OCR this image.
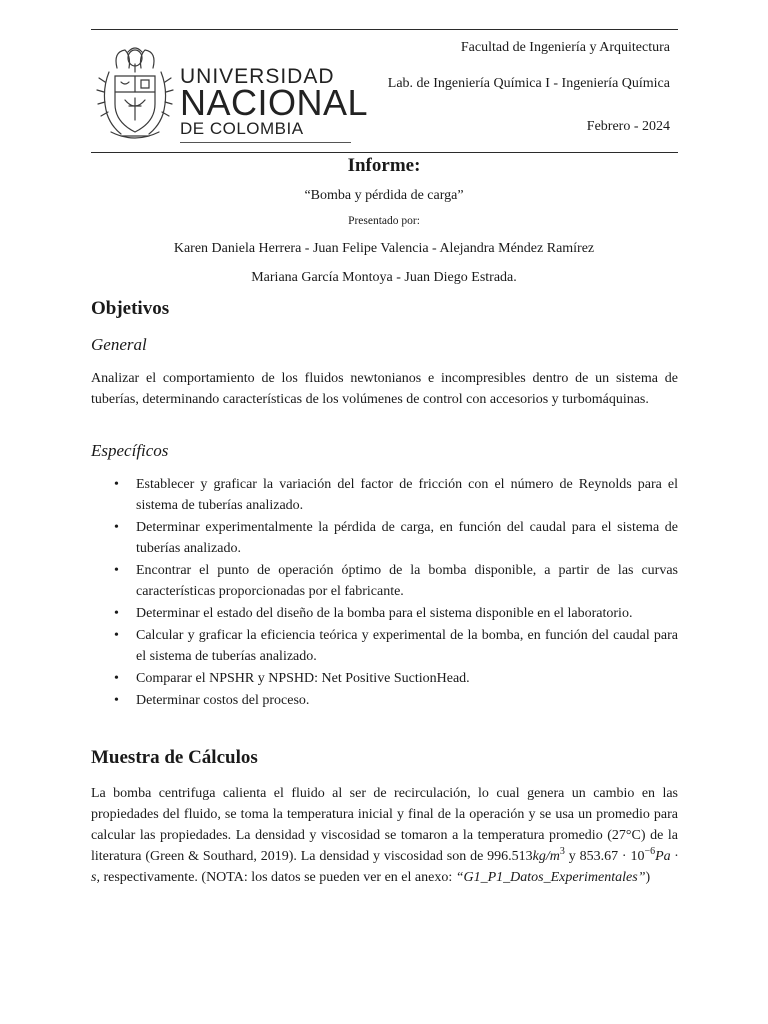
UNIVERSIDAD
NACIONAL
DE COLOMBIA
Facultad de Ingeniería y Arquitectura
Lab. de Ingeniería Química I - Ingeniería Química
Febrero - 2024
Informe:
“Bomba y pérdida de carga”
Presentado por:
Karen Daniela Herrera - Juan Felipe Valencia - Alejandra Méndez Ramírez
Mariana García Montoya - Juan Diego Estrada.
Objetivos
General
Analizar el comportamiento de los fluidos newtonianos e incompresibles dentro de un sistema de tuberías, determinando características de los volúmenes de control con accesorios y turbomáquinas.
Específicos
•	Establecer y graficar la variación del factor de fricción con el número de Reynolds para el sistema de tuberías analizado.
•	Determinar experimentalmente la pérdida de carga, en función del caudal para el sistema de tuberías analizado.
•	Encontrar el punto de operación óptimo de la bomba disponible, a partir de las curvas características proporcionadas por el fabricante.
•	Determinar el estado del diseño de la bomba para el sistema disponible en el laboratorio.
•	Calcular y graficar la eficiencia teórica y experimental de la bomba, en función del caudal para el sistema de tuberías analizado.
•	Comparar el NPSHR y NPSHD: Net Positive SuctionHead.
•	Determinar costos del proceso.
Muestra de Cálculos
La bomba centrifuga calienta el fluido al ser de recirculación, lo cual genera un cambio en las propiedades del fluido, se toma la temperatura inicial y final de la operación y se usa un promedio para calcular las propiedades. La densidad y viscosidad se tomaron a la temperatura promedio (27°C) de la literatura (Green & Southard, 2019). La densidad y viscosidad son de $996.513kg/m^3$ y $853.67 \cdot 10^{-6}Pa \cdot s$, respectivamente. (NOTA: los datos se pueden ver en el anexo: “G1_P1_Datos_Experimentales”)
